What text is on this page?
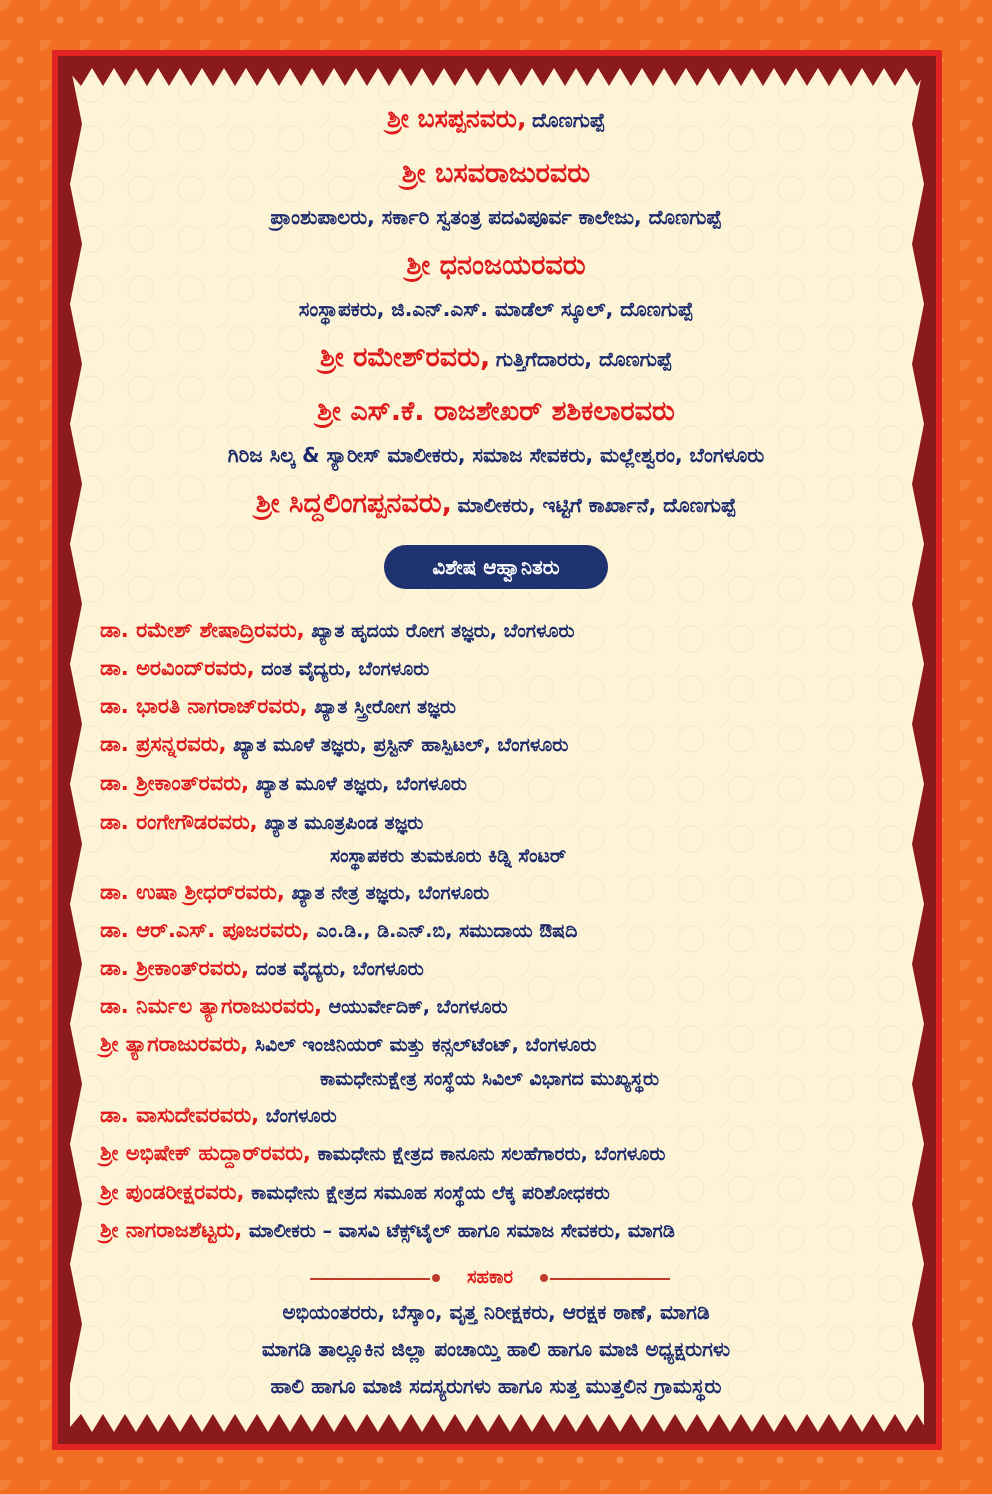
ಶ್ರೀ ಬಸಪ್ಪನವರು, ದೊಣಗುಪ್ಪೆ
ಶ್ರೀ ಬಸವರಾಜುರವರು
ಪ್ರಾಂಶುಪಾಲರು, ಸರ್ಕಾರಿ ಸ್ವತಂತ್ರ ಪದವಿಪೂರ್ವ ಕಾಲೇಜು, ದೊಣಗುಪ್ಪೆ
ಶ್ರೀ ಧನಂಜಯರವರು
ಸಂಸ್ಥಾಪಕರು, ಜಿ.ಎನ್.ಎಸ್. ಮಾಡೆಲ್ ಸ್ಕೂಲ್, ದೊಣಗುಪ್ಪೆ
ಶ್ರೀ ರಮೇಶ್‌ರವರು, ಗುತ್ತಿಗೆದಾರರು, ದೊಣಗುಪ್ಪೆ
ಶ್ರೀ ಎಸ್.ಕೆ. ರಾಜಶೇಖರ್ ಶಶಿಕಲಾರವರು
ಗಿರಿಜ ಸಿಲ್ಕ & ಸ್ಯಾರೀಸ್ ಮಾಲೀಕರು, ಸಮಾಜ ಸೇವಕರು, ಮಲ್ಲೇಶ್ವರಂ, ಬೆಂಗಳೂರು
ಶ್ರೀ ಸಿದ್ದಲಿಂಗಪ್ಪನವರು, ಮಾಲೀಕರು, ಇಟ್ಟಿಗೆ ಕಾರ್ಖಾನೆ, ದೊಣಗುಪ್ಪೆ
ವಿಶೇಷ ಆಹ್ವಾನಿತರು
ಡಾ. ರಮೇಶ್ ಶೇಷಾದ್ರಿರವರು, ಖ್ಯಾತ ಹೃದಯ ರೋಗ ತಜ್ಞರು, ಬೆಂಗಳೂರು
ಡಾ. ಅರವಿಂದ್‌ರವರು, ದಂತ ವೈದ್ಯರು, ಬೆಂಗಳೂರು
ಡಾ. ಭಾರತಿ ನಾಗರಾಜ್‌ರವರು, ಖ್ಯಾತ ಸ್ತ್ರೀರೋಗ ತಜ್ಞರು
ಡಾ. ಪ್ರಸನ್ನರವರು, ಖ್ಯಾತ ಮೂಳೆ ತಜ್ಞರು, ಪ್ರಸ್ಟಿನ್ ಹಾಸ್ಪಿಟಲ್, ಬೆಂಗಳೂರು
ಡಾ. ಶ್ರೀಕಾಂತ್‌ರವರು, ಖ್ಯಾತ ಮೂಳೆ ತಜ್ಞರು, ಬೆಂಗಳೂರು
ಡಾ. ರಂಗೇಗೌಡರವರು, ಖ್ಯಾತ ಮೂತ್ರಪಿಂಡ ತಜ್ಞರು
ಸಂಸ್ಥಾಪಕರು ತುಮಕೂರು ಕಿಡ್ನಿ ಸೆಂಟರ್
ಡಾ. ಉಷಾ ಶ್ರೀಧರ್‌ರವರು, ಖ್ಯಾತ ನೇತ್ರ ತಜ್ಞರು, ಬೆಂಗಳೂರು
ಡಾ. ಆರ್.ಎಸ್. ಪೂಜರವರು, ಎಂ.ಡಿ., ಡಿ.ಎನ್.ಬಿ, ಸಮುದಾಯ ಔಷದಿ
ಡಾ. ಶ್ರೀಕಾಂತ್‌ರವರು, ದಂತ ವೈದ್ಯರು, ಬೆಂಗಳೂರು
ಡಾ. ನಿರ್ಮಲ ತ್ಯಾಗರಾಜುರವರು, ಆಯುರ್ವೇದಿಕ್, ಬೆಂಗಳೂರು
ಶ್ರೀ ತ್ಯಾಗರಾಜುರವರು, ಸಿವಿಲ್ ಇಂಜಿನಿಯರ್ ಮತ್ತು ಕನ್ಸಲ್‌ಟೆಂಟ್, ಬೆಂಗಳೂರು
ಕಾಮಧೇನುಕ್ಷೇತ್ರ ಸಂಸ್ಥೆಯ ಸಿವಿಲ್ ವಿಭಾಗದ ಮುಖ್ಯಸ್ಥರು
ಡಾ. ವಾಸುದೇವರವರು, ಬೆಂಗಳೂರು
ಶ್ರೀ ಅಭಿಷೇಕ್ ಹುದ್ದಾರ್‌ರವರು, ಕಾಮಧೇನು ಕ್ಷೇತ್ರದ ಕಾನೂನು ಸಲಹೆಗಾರರು, ಬೆಂಗಳೂರು
ಶ್ರೀ ಪುಂಡರೀಕ್ಷರವರು, ಕಾಮಧೇನು ಕ್ಷೇತ್ರದ ಸಮೂಹ ಸಂಸ್ಥೆಯ ಲೆಕ್ಕ ಪರಿಶೋಧಕರು
ಶ್ರೀ ನಾಗರಾಜಶೆಟ್ಟರು, ಮಾಲೀಕರು – ವಾಸವಿ ಟೆಕ್ಸ್‌ಟೈಲ್ ಹಾಗೂ ಸಮಾಜ ಸೇವಕರು, ಮಾಗಡಿ
ಸಹಕಾರ
ಅಭಿಯಂತರರು, ಬೆಸ್ಕಾಂ, ವೃತ್ತ ನಿರೀಕ್ಷಕರು, ಆರಕ್ಷಕ ಠಾಣೆ, ಮಾಗಡಿ
ಮಾಗಡಿ ತಾಲ್ಲೂಕಿನ ಜಿಲ್ಲಾ ಪಂಚಾಯ್ತಿ ಹಾಲಿ ಹಾಗೂ ಮಾಜಿ ಅಧ್ಯಕ್ಷರುಗಳು
ಹಾಲಿ ಹಾಗೂ ಮಾಜಿ ಸದಸ್ಯರುಗಳು ಹಾಗೂ ಸುತ್ತ ಮುತ್ತಲಿನ ಗ್ರಾಮಸ್ಥರು
